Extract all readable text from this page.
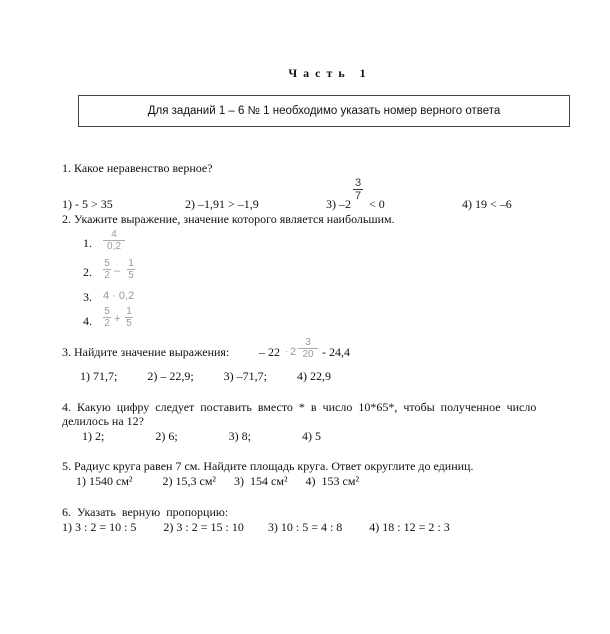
Часть 1
Для заданий 1 – 6 № 1 необходимо указать номер верного ответа
1. Какое неравенство верное?
1) - 5 > 35	2) –1,91 > –1,9	3) –2
$\frac{3}{7}$
< 0	4) 19 < –6
2. Укажите выражение, значение которого является наибольшим.
1. $\frac{4}{0,2}$
2. $\frac{5}{2} - \frac{1}{5}$
3. 4 · 0,2
4. $\frac{5}{2} + \frac{1}{5}$
3. Найдите значение выражения: – $22 \cdot 2 \frac{3}{20} - 24,4$
1) 71,7;          2) – 22,9;          3) –71,7;          4) 22,9
4.  Какую  цифру  следует  поставить  вместо  *  в  число  10*65*,  чтобы  полученное  число
делилось на 12?
1) 2;                 2) 6;                 3) 8;                 4) 5
5. Радиус круга равен 7 см. Найдите площадь круга. Ответ округлите до единиц.
1) 1540 см²          2) 15,3 см²      3)  154 см²      4)  153 см²
6.  Указать  верную  пропорцию:
1) 3 : 2 = 10 : 5         2) 3 : 2 = 15 : 10        3) 10 : 5 = 4 : 8         4) 18 : 12 = 2 : 3
